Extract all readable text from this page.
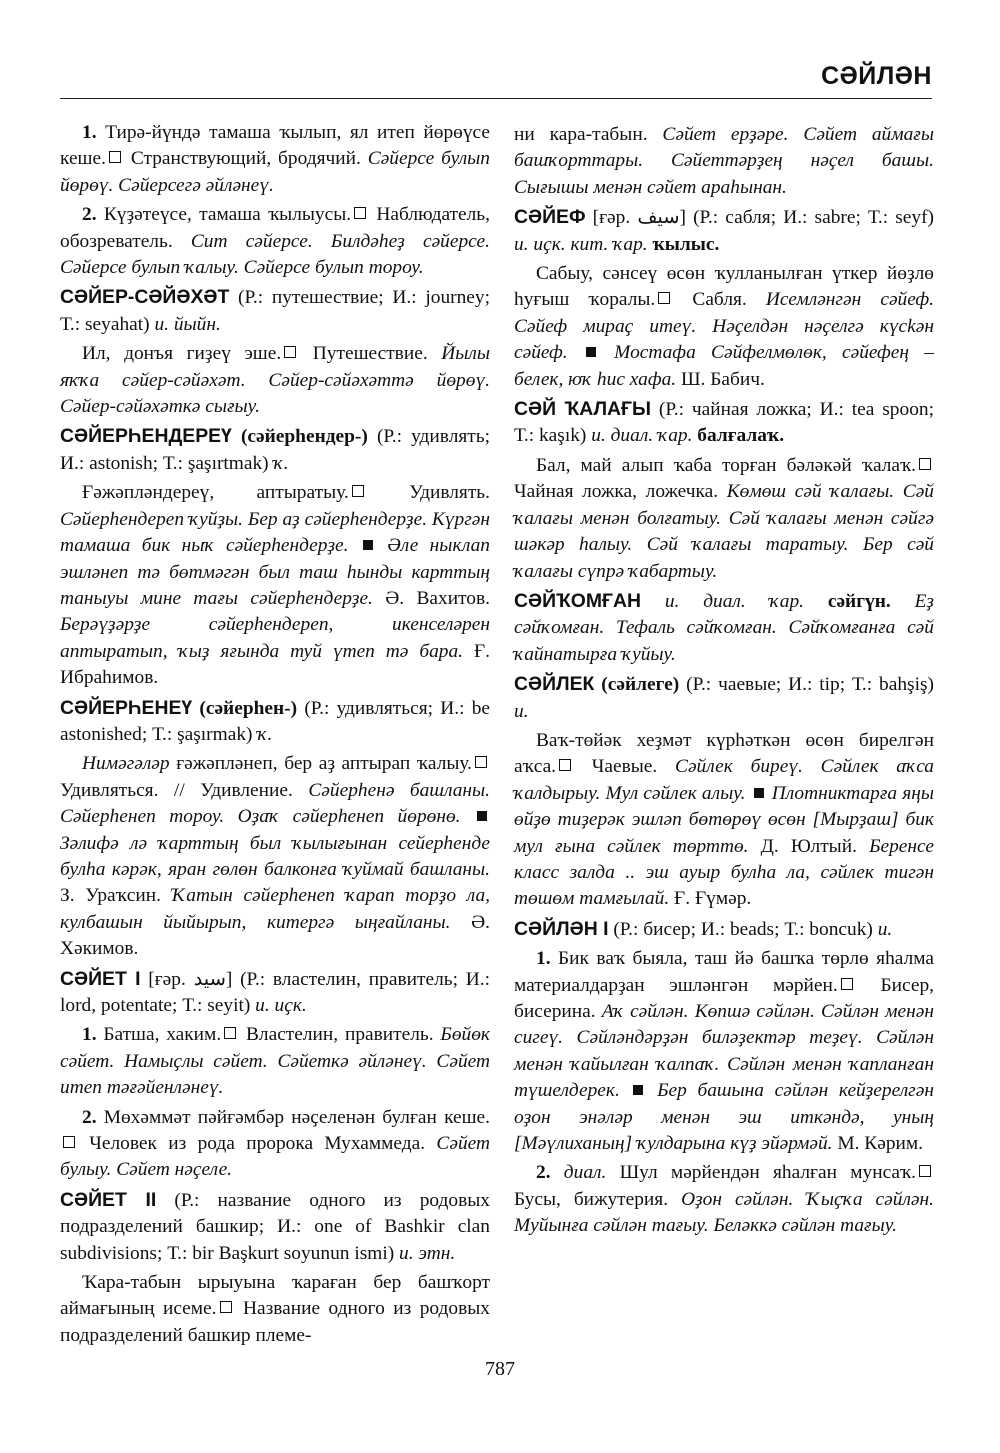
СӘЙЛӘН

1. Тирә-йүндә тамаша ҡылып, ял итеп йөрөүсе кеше. Странствующий, бродячий. Сәйерсе булып йөрөү. Сәйерсегә әйләнеү.

2. Күҙәтеүсе, тамаша ҡылыусы. Наблюдатель, обозреватель. Сит сәйерсе. Билдәһеҙ сәйерсе. Сәйерсе булып ҡалыу. Сәйерсе булып тороу.

СӘЙЕР-СӘЙӘХӘТ (Р.: путешествие; И.: journey; Т.: seyahat) и. йыйн.

Ил, донъя гиҙеү эше. Путешествие. Йылы яҡҡа сәйер-сәйәхәт. Сәйер-сәйәхәттә йөрөү. Сәйер-сәйәхәткә сығыу.

СӘЙЕРҺЕНДЕРЕҮ (сәйерһендер-) (Р.: удивлять; И.: astonish; Т.: şaşırtmak) ҡ.

Ғәжәпләндереү, аптыратыу. Удивлять. Сәйерһендереп ҡуйҙы. Бер аҙ сәйерһендерҙе. Күргән тамаша бик ныҡ сәйерһендерҙе.  Әле ныклап эшләнеп тә бөтмәгән был таш һынды карттың таныуы мине тағы сәйерһендерҙе. Ә. Вахитов. Берәүҙәрҙе сәйерһендереп, икенселәрен аптыратып, ҡыҙ яғында туй үтеп тә бара. Ғ. Ибраһимов.

СӘЙЕРҺЕНЕҮ (сәйерһен-) (Р.: удивляться; И.: be astonished; Т.: şaşırmak) ҡ.

Нимәгәләр ғәжәпләнеп, бер аҙ аптырап ҡалыу. Удивляться. // Удивление. Сәйерһенә башланы. Сәйерһенеп тороу. Оҙаҡ сәйерһенеп йөрөнө.  Зәлифә лә ҡарттың был ҡылығынан сейерһенде булһа кәрәк, яран гөлөн балконға ҡуймай башланы. З. Ураҡсин. Ҡатын сәйерһенеп ҡарап торҙо ла, кулбашын йыйырып, китергә ыңғайланы. Ә. Хәкимов.

СӘЙЕТ I [ғәр. سيد] (Р.: властелин, правитель; И.: lord, potentate; Т.: seyit) и. иҫк.

1. Батша, хаким. Властелин, правитель. Бөйөк сәйет. Намыҫлы сәйет. Сәйеткә әйләнеү. Сәйет итеп тәғәйенләнеү.

2. Мөхәммәт пәйғәмбәр нәҫеленән булған кеше. Человек из рода пророка Мухаммеда. Сәйет булыу. Сәйет нәҫеле.

СӘЙЕТ II (Р.: название одного из родовых подразделений башкир; И.: one of Bashkir clan subdivisions; Т.: bir Başkurt soyunun ismi) и. этн.

Ҡара-табын ырыуына ҡараған бер башҡорт аймағының исеме. Название одного из родовых подразделений башкир племе-

ни кара-табын. Сәйет ерҙәре. Сәйет аймағы башҡорттары. Сәйеттәрҙең нәҫел башы. Сығышы менән сәйет араһынан.

СӘЙЕФ [ғәр. سيف] (Р.: сабля; И.: sabre; Т.: seyf) и. иҫк. кит. ҡар. ҡылыс.

Сабыу, сәнсеү өсөн ҡулланылған үткер йөҙлө һуғыш ҡоралы. Сабля. Исемләнгән сәйеф. Сәйеф мираҫ итеү. Нәҫелдән нәҫелгә күсkән сәйеф.  Мостафа Сәйфелмөлөк, сәйефең – белек, юҡ һис хафа. Ш. Бабич.

СӘЙ ҠАЛАҒЫ (Р.: чайная ложка; И.: tea spoon; Т.: kaşık) и. диал. ҡар. балғалаҡ.

Бал, май алып ҡаба торған бәләкәй ҡалаҡ. Чайная ложка, ложечка. Көмөш сәй ҡалағы. Сәй ҡалағы менән болғатыу. Сәй ҡалағы менән сәйгә шәкәр һалыу. Сәй ҡалағы таратыу. Бер сәй ҡалағы сүпрә ҡабартыу.

СӘЙҠОМҒАН и. диал. ҡар. сәйгүн. Еҙ сәйҡомған. Тефаль сәйҡомған. Сәйҡомғанға сәй ҡайнатырға ҡуйыу.

СӘЙЛЕК (сәйлеге) (Р.: чаевые; И.: tip; Т.: bahşiş) и.

Ваҡ-төйәк хеҙмәт күрһәткән өсөн бирелгән аҡса. Чаевые. Сәйлек биреү. Сәйлек аҡса ҡалдырыу. Мул сәйлек алыу.  Плотниктарға яңы өйҙө тиҙерәк эшләп бөтөрөү өсөн [Мырҙаш] бик мул ғына сәйлек төрттө. Д. Юлтый. Беренсе класс залда .. эш ауыр булһа ла, сәйлек тигән төшөм тамғылай. Ғ. Ғүмәр.

СӘЙЛӘН I (Р.: бисер; И.: beads; Т.: boncuk) и.

1. Бик ваҡ быяла, таш йә башҡа төрлө яһалма материалдарҙан эшләнгән мәрйен. Бисер, бисерина. Аҡ сәйлән. Көпшә сәйлән. Сәйлән менән сигеү. Сәйләндәрҙән биләҙектәр теҙеү. Сәйлән менән ҡайылған ҡалпаҡ. Сәйлән менән ҡапланған түшелдерек.  Бер башына сәйлән кейҙерелгән оҙон энәләр менән эш иткәндә, уның [Мәүлиханың] ҡулдарына күҙ эйәрмәй. М. Кәрим.

2. диал. Шул мәрйендән яһалған мунсаҡ. Бусы, бижутерия. Оҙон сәйлән. Ҡыҫҡа сәйлән. Муйынға сәйлән тағыу. Беләккә сәйлән тағыу.

787
